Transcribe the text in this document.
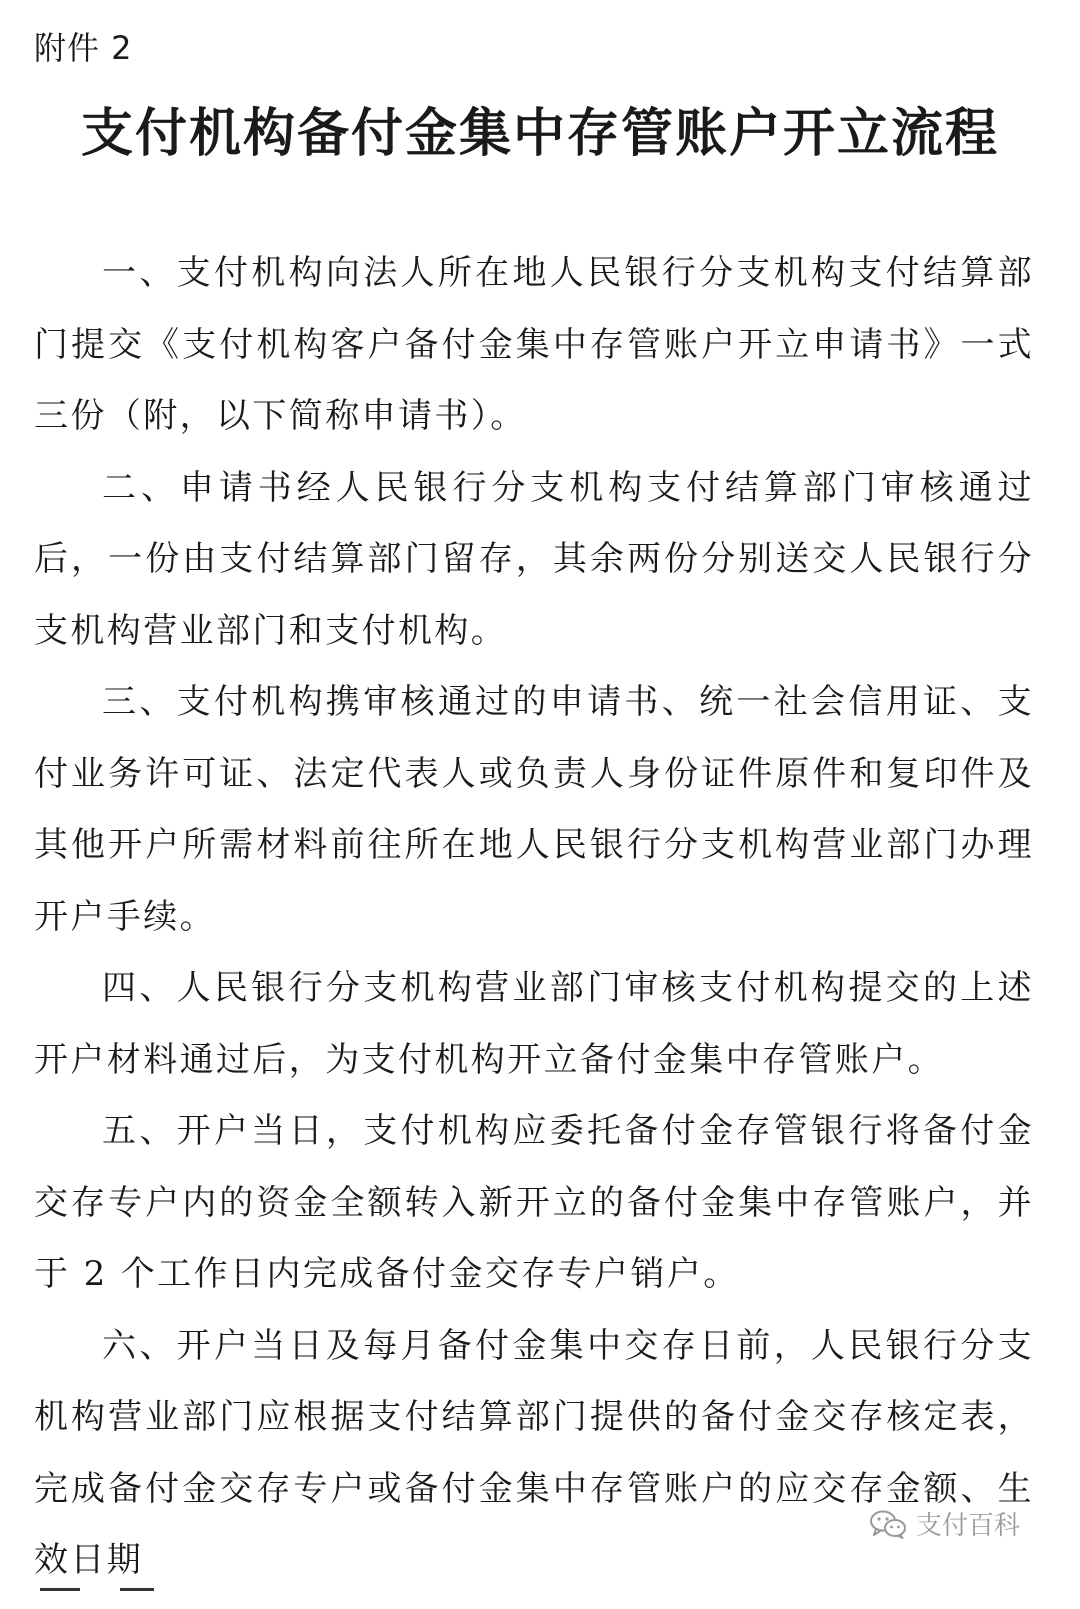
附件 2
支付机构备付金集中存管账户开立流程

一、支付机构向法人所在地人民银行分支机构支付结算部门提交《支付机构客户备付金集中存管账户开立申请书》一式三份（附，以下简称申请书）。

二、申请书经人民银行分支机构支付结算部门审核通过后，一份由支付结算部门留存，其余两份分别送交人民银行分支机构营业部门和支付机构。

三、支付机构携审核通过的申请书、统一社会信用证、支付业务许可证、法定代表人或负责人身份证件原件和复印件及其他开户所需材料前往所在地人民银行分支机构营业部门办理开户手续。

四、人民银行分支机构营业部门审核支付机构提交的上述开户材料通过后，为支付机构开立备付金集中存管账户。

五、开户当日，支付机构应委托备付金存管银行将备付金交存专户内的资金全额转入新开立的备付金集中存管账户，并于 2 个工作日内完成备付金交存专户销户。

六、开户当日及每月备付金集中交存日前，人民银行分支机构营业部门应根据支付结算部门提供的备付金交存核定表，完成备付金交存专户或备付金集中存管账户的应交存金额、生效日期

支付百科
